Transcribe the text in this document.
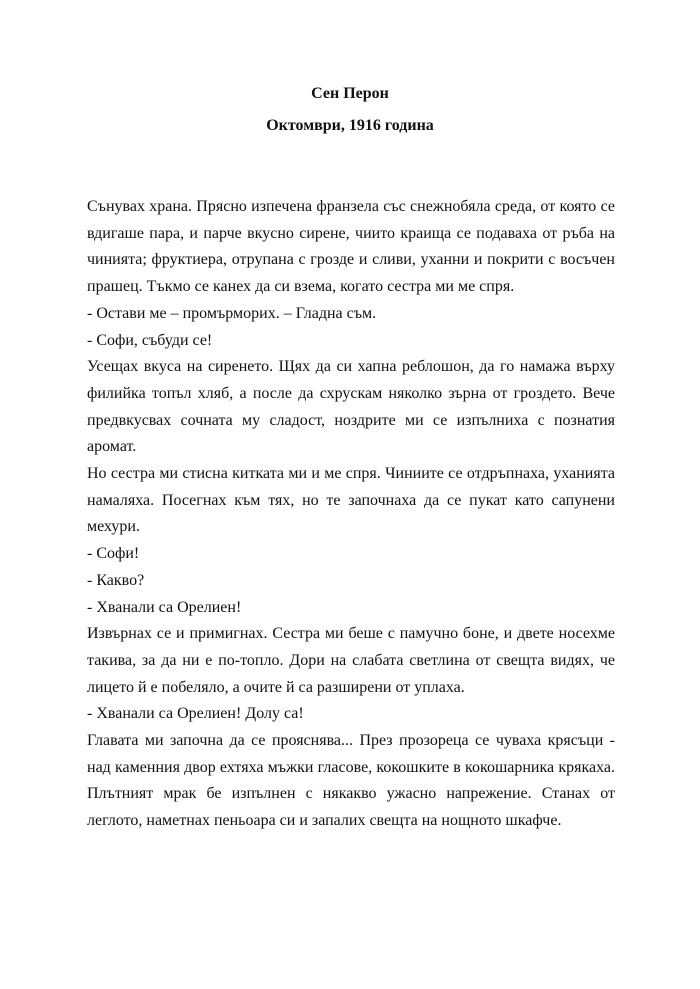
Сен Перон
Октомври, 1916 година

Сънувах храна. Прясно изпечена франзела със снежнобяла среда, от която се вдигаше пара, и парче вкусно сирене, чиито краища се подаваха от ръба на чинията; фруктиера, отрупана с грозде и сливи, уханни и покрити с восъчен прашец. Тъкмо се канех да си взема, когато сестра ми ме спря.

- Остави ме – промърморих. – Гладна съм.

- Софи, събуди се!

Усещах вкуса на сиренето. Щях да си хапна реблошон, да го намажа върху филийка топъл хляб, а после да схрускам няколко зърна от гроздето. Вече предвкусвах сочната му сладост, ноздрите ми се изпълниха с познатия аромат.

Но сестра ми стисна китката ми и ме спря. Чиниите се отдръпнаха, уханията намаляха. Посегнах към тях, но те започнаха да се пукат като сапунени мехури.

- Софи!

- Какво?

- Хванали са Орелиен!

Извърнах се и примигнах. Сестра ми беше с памучно боне, и двете носехме такива, за да ни е по-топло. Дори на слабата светлина от свещта видях, че лицето й е побеляло, а очите й са разширени от уплаха.

- Хванали са Орелиен! Долу са!

Главата ми започна да се прояснява... През прозореца се чуваха крясъци - над каменния двор ехтяха мъжки гласове, кокошките в кокошарника крякаха. Плътният мрак бе изпълнен с някакво ужасно напрежение. Станах от леглото, наметнах пеньоара си и запалих свещта на нощното шкафче.
